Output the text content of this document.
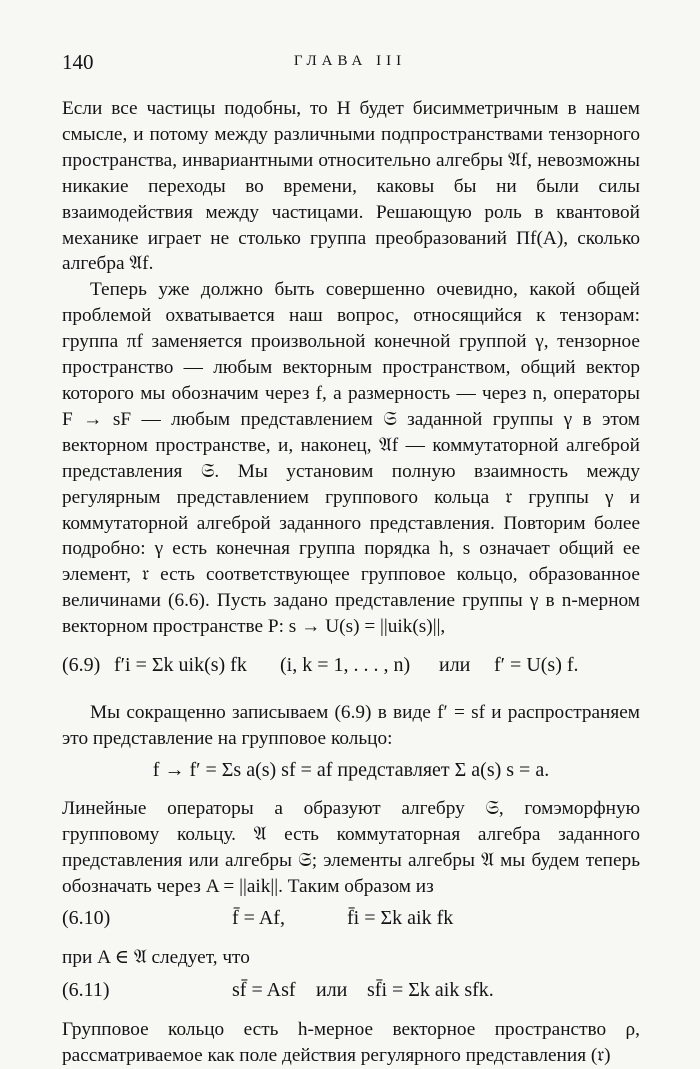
140	ГЛАВА III

Если все частицы подобны, то H будет бисимметричным в нашем смысле, и потому между различными подпространствами тензорного пространства, инвариантными относительно алгебры 𝔄f, невозможны никакие переходы во времени, каковы бы ни были силы взаимодействия между частицами. Решающую роль в квантовой механике играет не столько группа преобразований Πf(A), сколько алгебра 𝔄f.

Теперь уже должно быть совершенно очевидно, какой общей проблемой охватывается наш вопрос, относящийся к тензорам: группа πf заменяется произвольной конечной группой γ, тензорное пространство — любым векторным пространством, общий вектор которого мы обозначим через f, а размерность — через n, операторы F → sF — любым представлением 𝔖 заданной группы γ в этом векторном пространстве, и, наконец, 𝔄f — коммутаторной алгеброй представления 𝔖. Мы установим полную взаимность между регулярным представлением группового кольца 𝔯 группы γ и коммутаторной алгеброй заданного представления. Повторим более подробно: γ есть конечная группа порядка h, s означает общий ее элемент, 𝔯 есть соответствующее групповое кольцо, образованное величинами (6.6). Пусть задано представление группы γ в n-мерном векторном пространстве P: s → U(s) = ||uik(s)||,

(6.9) f′i = Σk uik(s) fk (i, k = 1, . . . , n) или f′ = U(s) f.

Мы сокращенно записываем (6.9) в виде f′ = sf и распространяем это представление на групповое кольцо:

f → f′ = Σs a(s) sf = af представляет Σ a(s) s = a.

Линейные операторы a образуют алгебру 𝔖, гомэморфную групповому кольцу. 𝔄 есть коммутаторная алгебра заданного представления или алгебры 𝔖; элементы алгебры 𝔄 мы будем теперь обозначать через A = ||aik||. Таким образом из

(6.10)	f̄ = Af,	f̄i = Σk aik fk

при A ∈ 𝔄 следует, что

(6.11)	sf̄ = Asf или sf̄i = Σk aik sfk.

Групповое кольцо есть h-мерное векторное пространство ρ, рассматриваемое как поле действия регулярного представления (𝔯)
